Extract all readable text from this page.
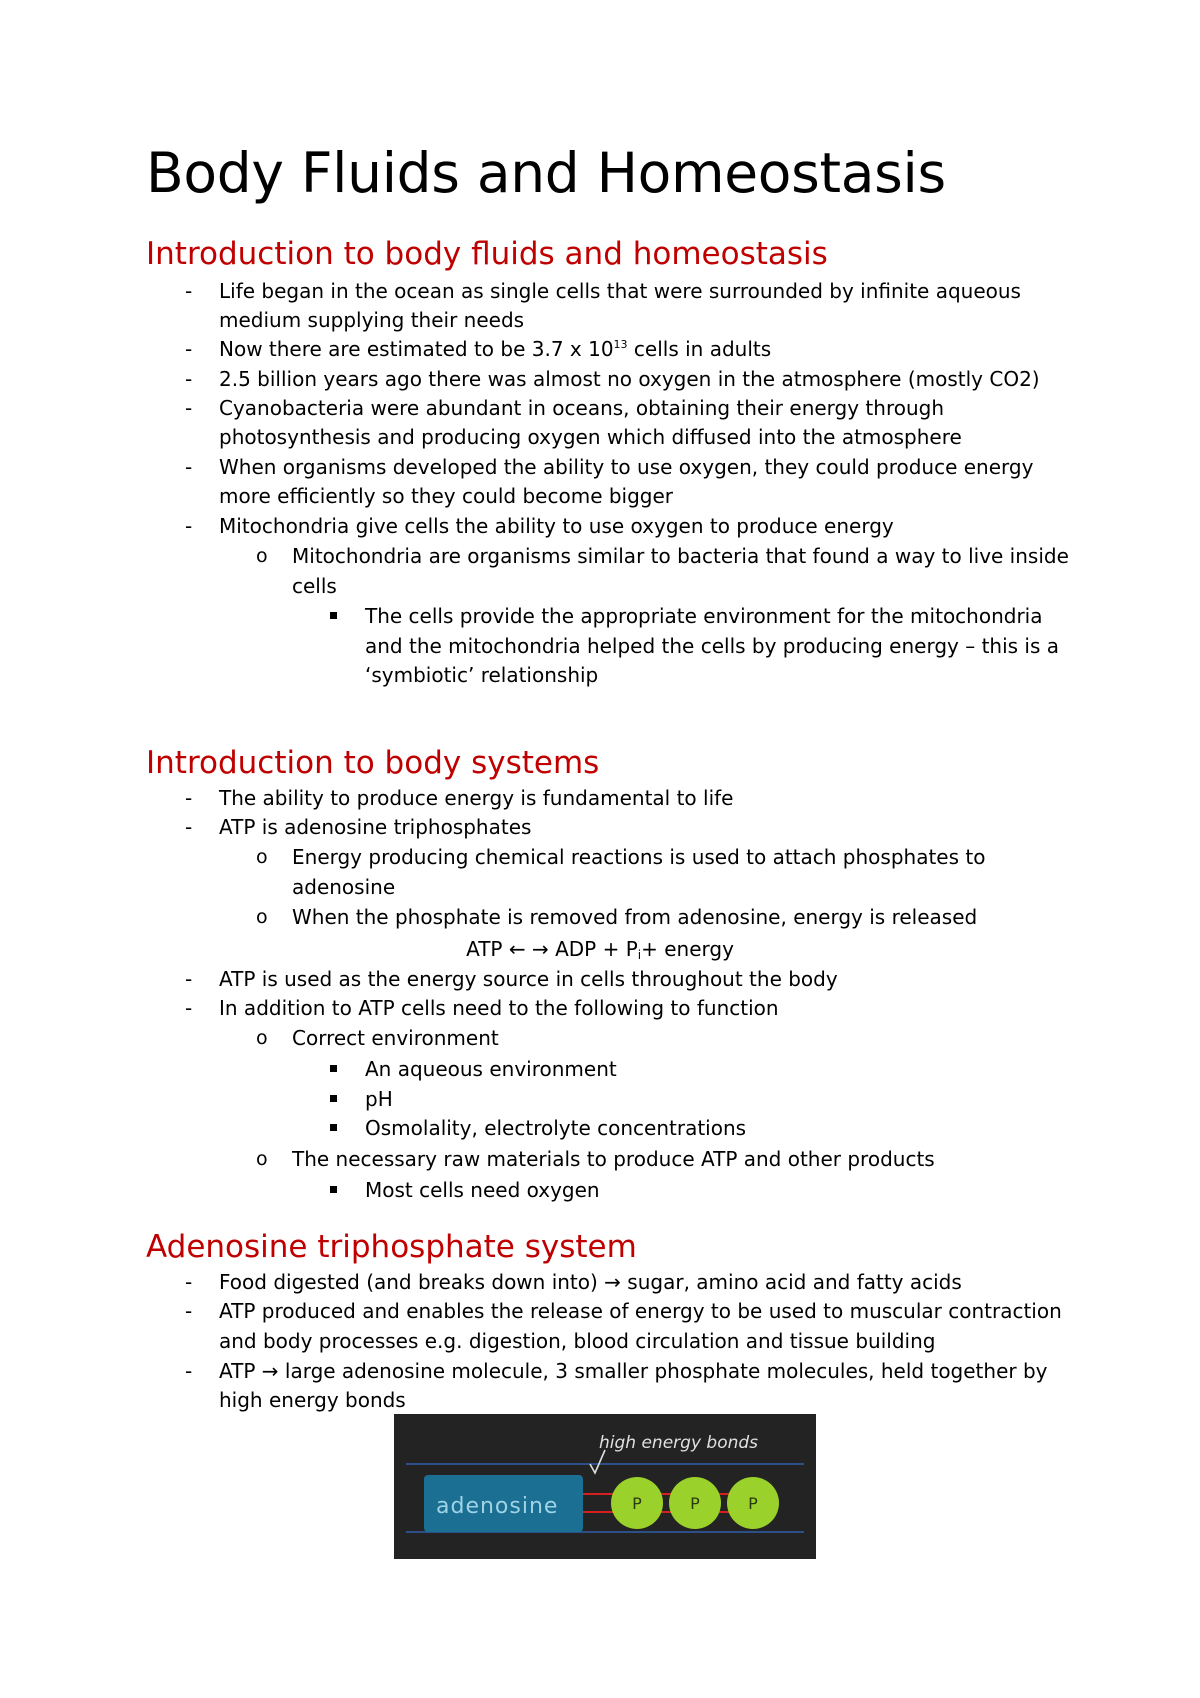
Body Fluids and Homeostasis
Introduction to body fluids and homeostasis
- Life began in the ocean as single cells that were surrounded by infinite aqueous
medium supplying their needs
- Now there are estimated to be 3.7 x $10^{13}$ cells in adults
- 2.5 billion years ago there was almost no oxygen in the atmosphere (mostly CO2)
- Cyanobacteria were abundant in oceans, obtaining their energy through
photosynthesis and producing oxygen which diffused into the atmosphere
- When organisms developed the ability to use oxygen, they could produce energy
more efficiently so they could become bigger
- Mitochondria give cells the ability to use oxygen to produce energy
o Mitochondria are organisms similar to bacteria that found a way to live inside
cells
The cells provide the appropriate environment for the mitochondria
and the mitochondria helped the cells by producing energy – this is a
‘symbiotic’ relationship
Introduction to body systems
- The ability to produce energy is fundamental to life
- ATP is adenosine triphosphates
o Energy producing chemical reactions is used to attach phosphates to
adenosine
o When the phosphate is removed from adenosine, energy is released
ATP ← → ADP + $P_i+$ energy
- ATP is used as the energy source in cells throughout the body
- In addition to ATP cells need to the following to function
o Correct environment
An aqueous environment
pH
Osmolality, electrolyte concentrations
o The necessary raw materials to produce ATP and other products
Most cells need oxygen
Adenosine triphosphate system
- Food digested (and breaks down into) → sugar, amino acid and fatty acids
- ATP produced and enables the release of energy to be used to muscular contraction
and body processes e.g. digestion, blood circulation and tissue building
- ATP → large adenosine molecule, 3 smaller phosphate molecules, held together by
high energy bonds
high energy bonds
adenosine	P	P	P
